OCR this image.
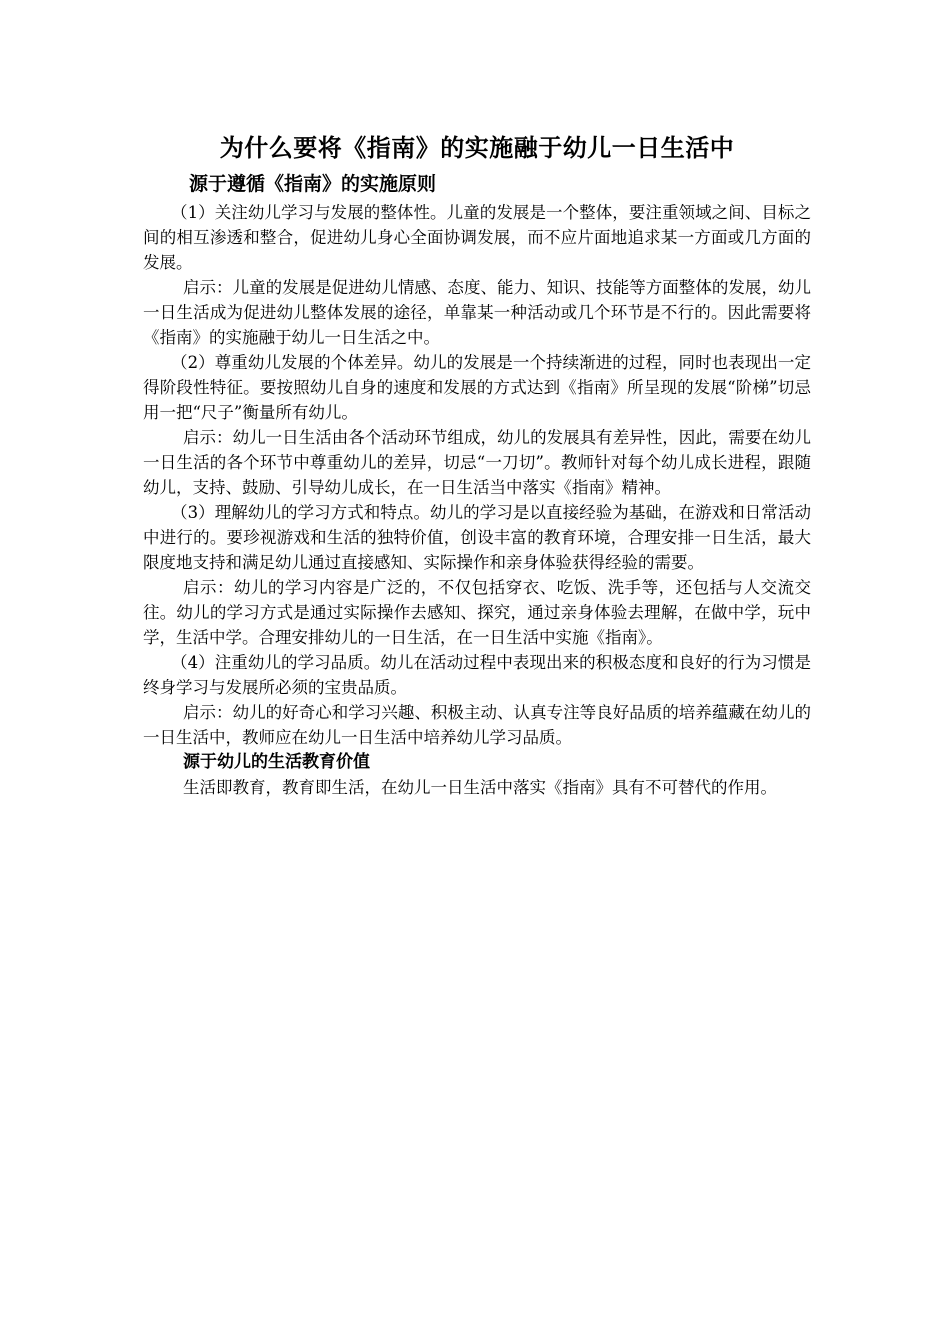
为什么要将《指南》的实施融于幼儿一日生活中
源于遵循《指南》的实施原则

（1）关注幼儿学习与发展的整体性。儿童的发展是一个整体，要注重领域之间、目标之间的相互渗透和整合，促进幼儿身心全面协调发展，而不应片面地追求某一方面或几方面的发展。

启示：儿童的发展是促进幼儿情感、态度、能力、知识、技能等方面整体的发展，幼儿一日生活成为促进幼儿整体发展的途径，单靠某一种活动或几个环节是不行的。因此需要将《指南》的实施融于幼儿一日生活之中。

（2）尊重幼儿发展的个体差异。幼儿的发展是一个持续渐进的过程，同时也表现出一定得阶段性特征。要按照幼儿自身的速度和发展的方式达到《指南》所呈现的发展“阶梯”切忌用一把“尺子”衡量所有幼儿。

启示：幼儿一日生活由各个活动环节组成，幼儿的发展具有差异性，因此，需要在幼儿一日生活的各个环节中尊重幼儿的差异，切忌“一刀切”。教师针对每个幼儿成长进程，跟随幼儿，支持、鼓励、引导幼儿成长，在一日生活当中落实《指南》精神。

（3）理解幼儿的学习方式和特点。幼儿的学习是以直接经验为基础，在游戏和日常活动中进行的。要珍视游戏和生活的独特价值，创设丰富的教育环境，合理安排一日生活，最大限度地支持和满足幼儿通过直接感知、实际操作和亲身体验获得经验的需要。

启示：幼儿的学习内容是广泛的，不仅包括穿衣、吃饭、洗手等，还包括与人交流交往。幼儿的学习方式是通过实际操作去感知、探究，通过亲身体验去理解，在做中学，玩中学，生活中学。合理安排幼儿的一日生活，在一日生活中实施《指南》。

（4）注重幼儿的学习品质。幼儿在活动过程中表现出来的积极态度和良好的行为习惯是终身学习与发展所必须的宝贵品质。

启示：幼儿的好奇心和学习兴趣、积极主动、认真专注等良好品质的培养蕴藏在幼儿的一日生活中，教师应在幼儿一日生活中培养幼儿学习品质。

源于幼儿的生活教育价值

生活即教育，教育即生活，在幼儿一日生活中落实《指南》具有不可替代的作用。
